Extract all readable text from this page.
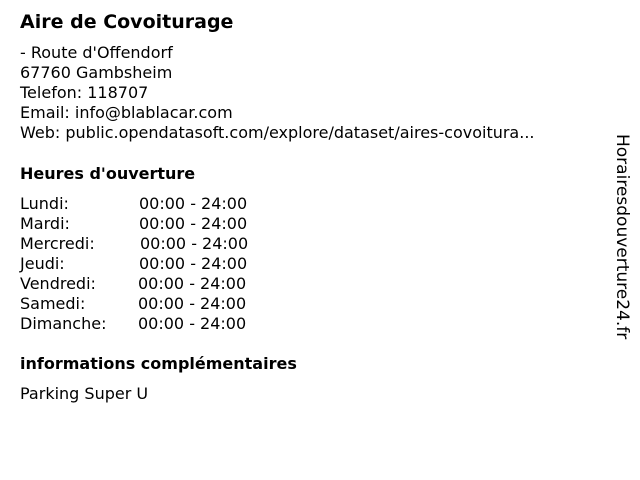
Aire de Covoiturage
- Route d'Offendorf
67760 Gambsheim
Telefon: 118707
Email: info@blablacar.com
Web: public.opendatasoft.com/explore/dataset/aires-covoitura...
Heures d'ouverture
Lundi:	00:00 - 24:00
Mardi:	00:00 - 24:00
Mercredi:	00:00 - 24:00
Jeudi:	00:00 - 24:00
Vendredi:	00:00 - 24:00
Samedi:	00:00 - 24:00
Dimanche: 00:00 - 24:00
informations complémentaires
Parking Super U
Horairesdouverture24.fr
